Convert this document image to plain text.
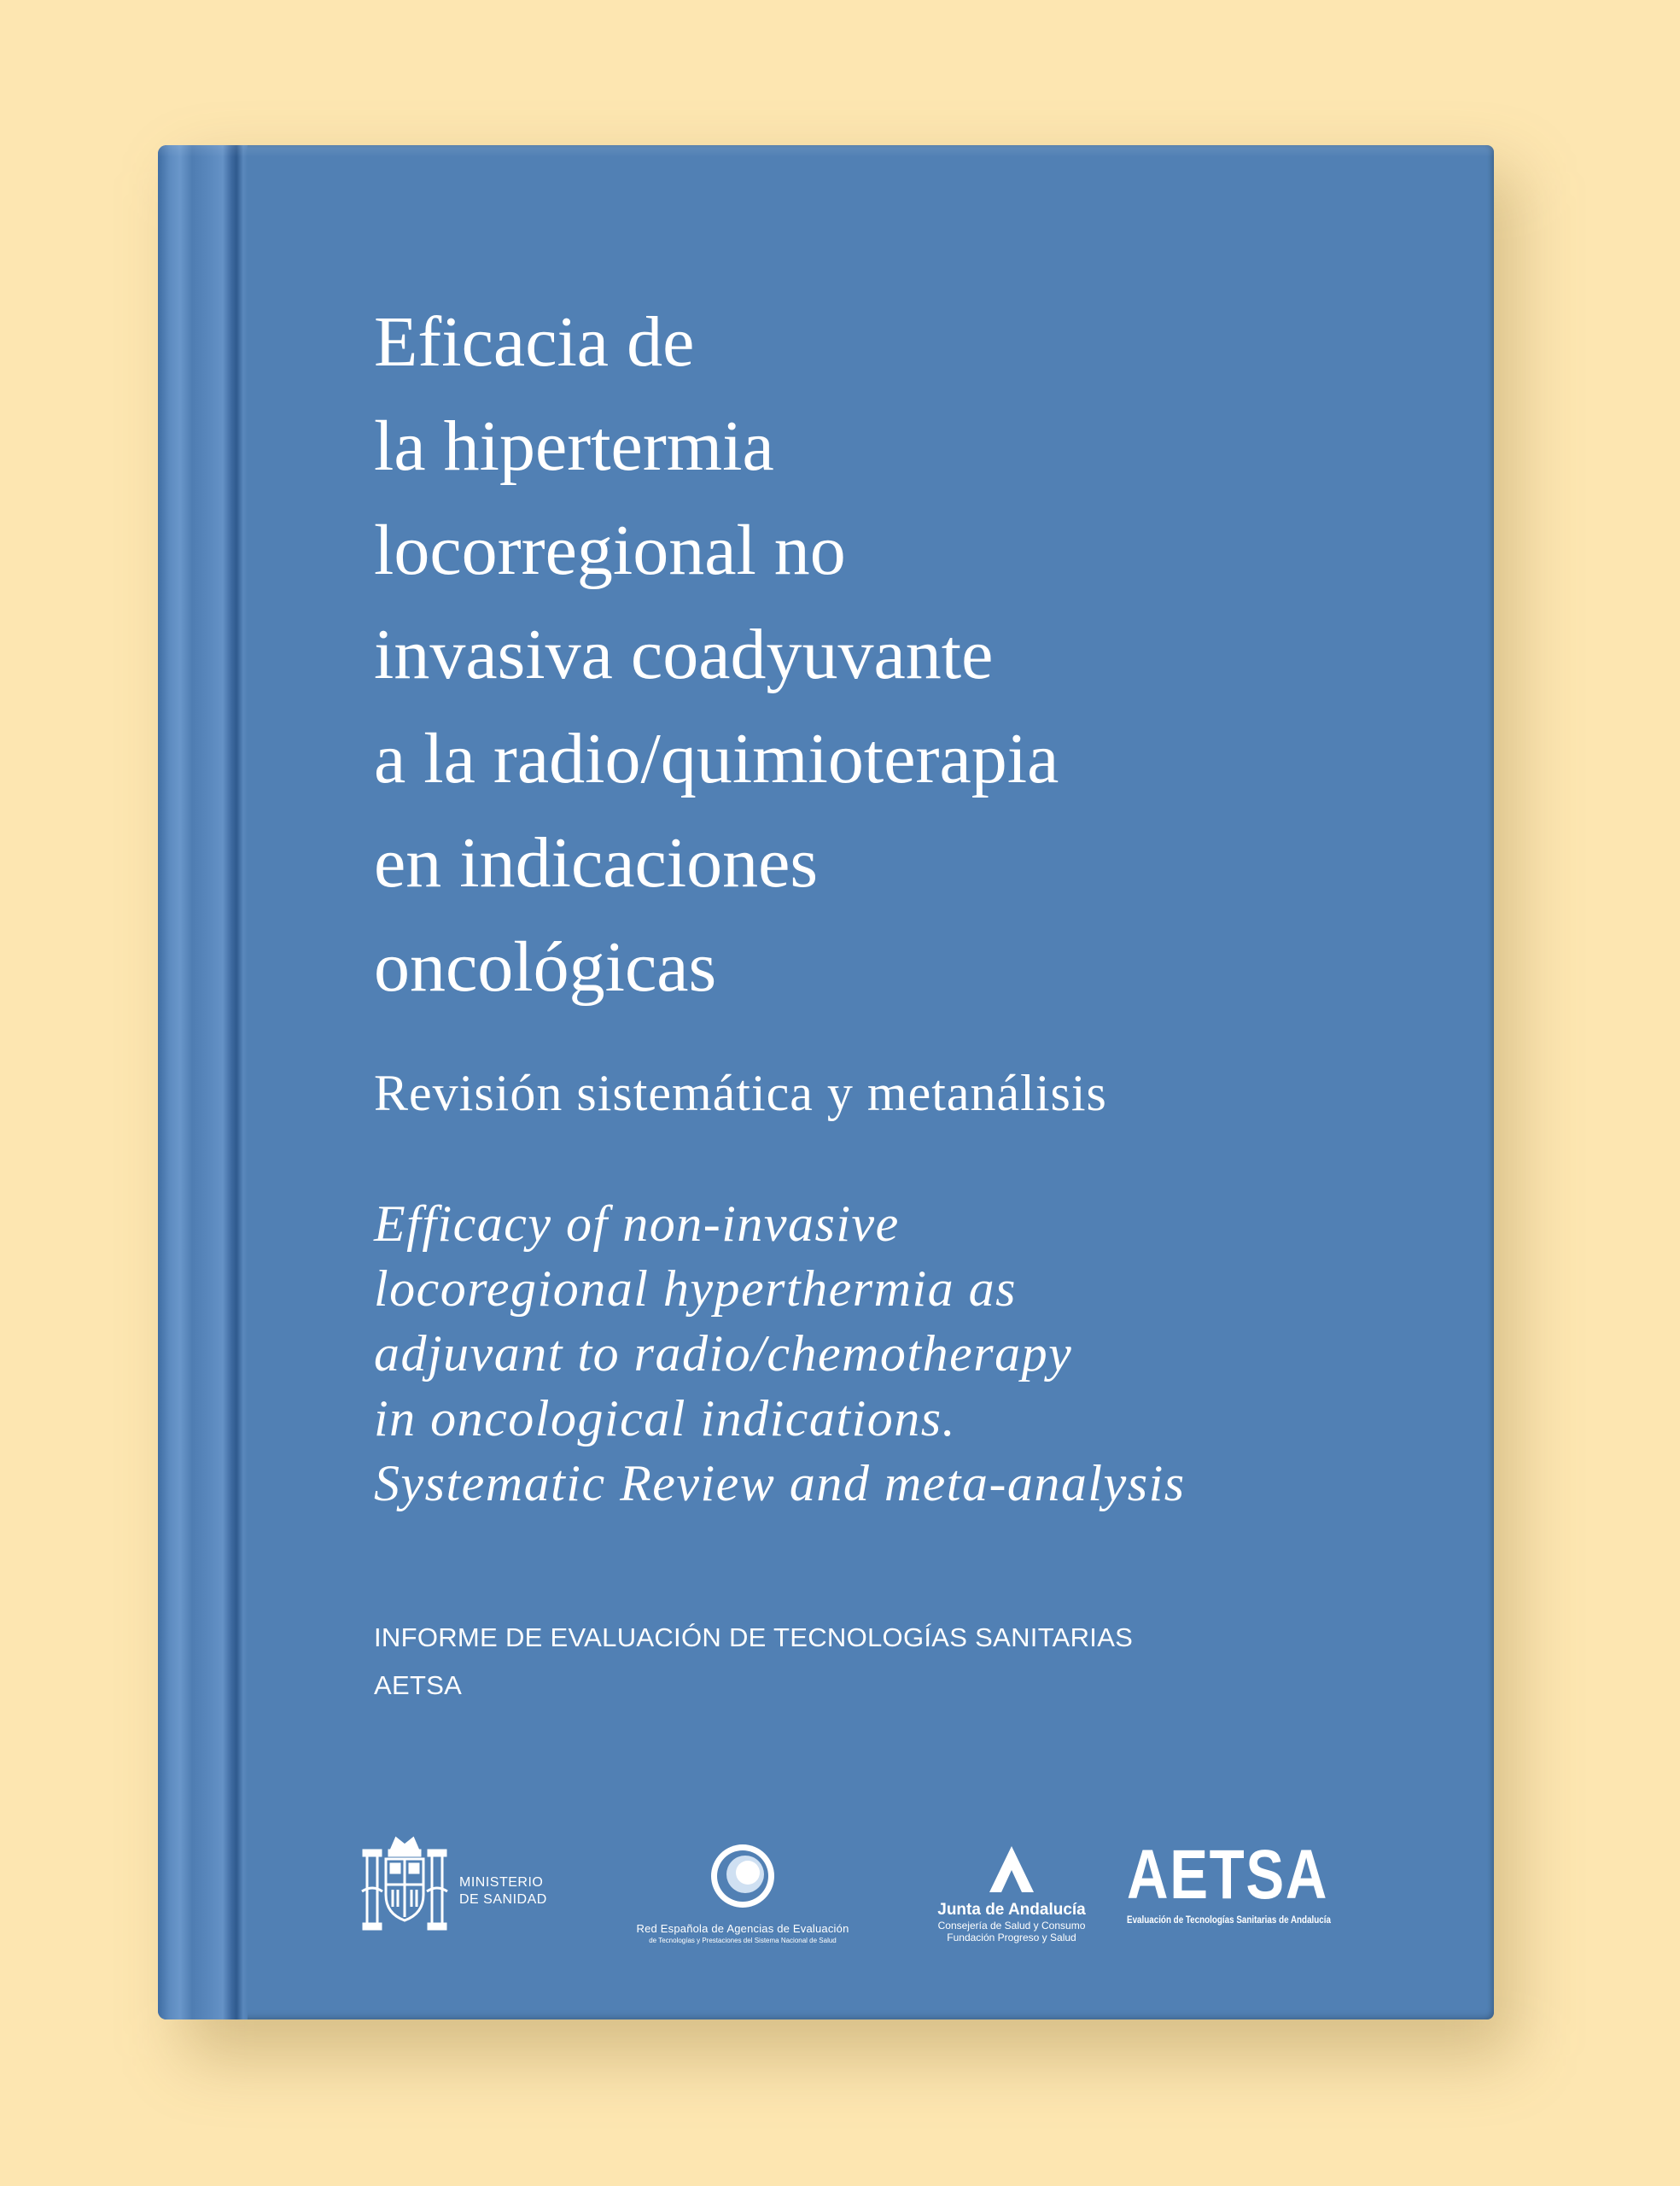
Eficacia de
la hipertermia
locorregional no
invasiva coadyuvante
a la radio/quimioterapia
en indicaciones
oncológicas
Revisión sistemática y metanálisis
Efficacy of non-invasive
locoregional hyperthermia as
adjuvant to radio/chemotherapy
in oncological indications.
Systematic Review and meta-analysis
INFORME DE EVALUACIÓN DE TECNOLOGÍAS SANITARIAS
AETSA
MINISTERIO
DE SANIDAD
Red Española de Agencias de Evaluación
de Tecnologías y Prestaciones del Sistema Nacional de Salud
Junta de Andalucía
Consejería de Salud y Consumo
Fundación Progreso y Salud
AETSA
Evaluación de Tecnologías Sanitarias de Andalucía
